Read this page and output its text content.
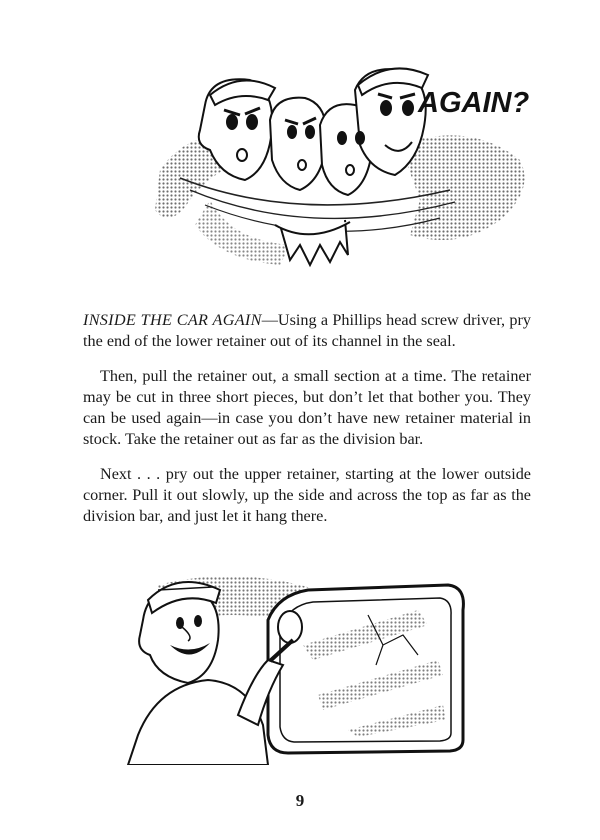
AGAIN?

INSIDE THE CAR AGAIN—Using a Phillips head screw driver, pry the end of the lower retainer out of its channel in the seal.

Then, pull the retainer out, a small section at a time. The retainer may be cut in three short pieces, but don’t let that bother you. They can be used again—in case you don’t have new retainer material in stock. Take the retainer out as far as the division bar.

Next . . . pry out the upper retainer, starting at the lower outside corner. Pull it out slowly, up the side and across the top as far as the division bar, and just let it hang there.

9
